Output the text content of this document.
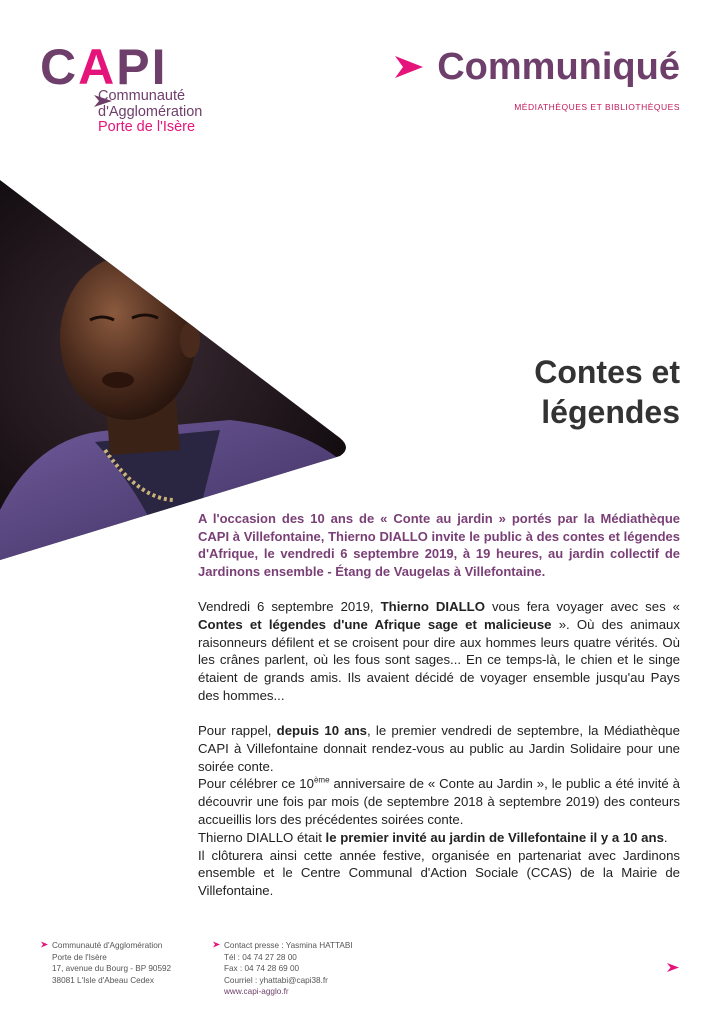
CAPI
Communauté
d'Agglomération
Porte de l'Isère
Communiqué
MÉDIATHÈQUES ET BIBLIOTHÈQUES
Contes et
légendes

A l'occasion des 10 ans de « Conte au jardin » portés par la Médiathèque CAPI à Villefontaine, Thierno DIALLO invite le public à des contes et légendes d'Afrique, le vendredi 6 septembre 2019, à 19 heures, au jardin collectif de Jardinons ensemble - Étang de Vaugelas à Villefontaine.

Vendredi 6 septembre 2019, Thierno DIALLO vous fera voyager avec ses « Contes et légendes d'une Afrique sage et malicieuse ». Où des animaux raisonneurs défilent et se croisent pour dire aux hommes leurs quatre vérités. Où les crânes parlent, où les fous sont sages... En ce temps-là, le chien et le singe étaient de grands amis. Ils avaient décidé de voyager ensemble jusqu'au Pays des hommes...

Pour rappel, depuis 10 ans, le premier vendredi de septembre, la Médiathèque CAPI à Villefontaine donnait rendez-vous au public au Jardin Solidaire pour une soirée conte.

Pour célébrer ce 10ème anniversaire de « Conte au Jardin », le public a été invité à découvrir une fois par mois (de septembre 2018 à septembre 2019) des conteurs accueillis lors des précédentes soirées conte.

Thierno DIALLO était le premier invité au jardin de Villefontaine il y a 10 ans.

Il clôturera ainsi cette année festive, organisée en partenariat avec Jardinons ensemble et le Centre Communal d'Action Sociale (CCAS) de la Mairie de Villefontaine.

Communauté d'Agglomération
Porte de l'Isère
17, avenue du Bourg - BP 90592
38081 L'Isle d'Abeau Cedex
Contact presse : Yasmina HATTABI
Tél : 04 74 27 28 00
Fax : 04 74 28 69 00
Courriel : yhattabi@capi38.fr
www.capi-agglo.fr
